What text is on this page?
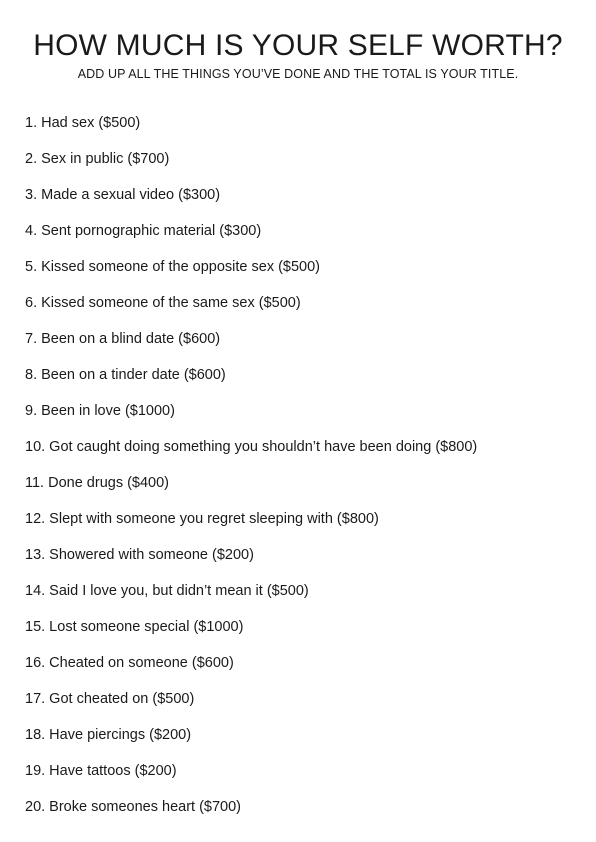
HOW MUCH IS YOUR SELF WORTH?

ADD UP ALL THE THINGS YOU’VE DONE AND THE TOTAL IS YOUR TITLE.

1. Had sex ($500)
2. Sex in public ($700)
3. Made a sexual video ($300)
4. Sent pornographic material ($300)
5. Kissed someone of the opposite sex ($500)
6. Kissed someone of the same sex ($500)
7. Been on a blind date ($600)
8. Been on a tinder date ($600)
9. Been in love ($1000)
10. Got caught doing something you shouldn’t have been doing ($800)
11. Done drugs ($400)
12. Slept with someone you regret sleeping with ($800)
13. Showered with someone ($200)
14. Said I love you, but didn’t mean it ($500)
15. Lost someone special ($1000)
16. Cheated on someone ($600)
17. Got cheated on ($500)
18. Have piercings ($200)
19. Have tattoos ($200)
20. Broke someones heart ($700)
